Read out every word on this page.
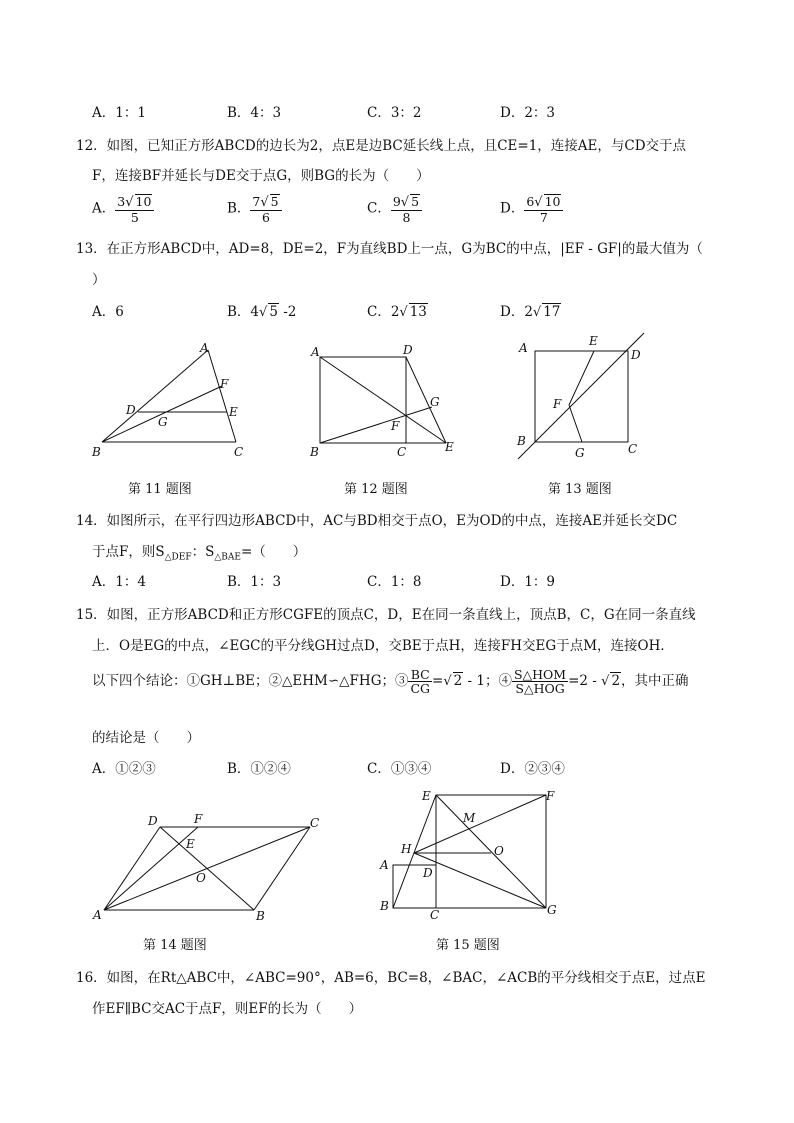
A．1：1	B．4：3	C．3：2	D．2：3
12．如图，已知正方形ABCD的边长为2，点E是边BC延长线上点，且CE=1，连接AE，与CD交于点
F，连接BF并延长与DE交于点G，则BG的长为（　　）
A． $\frac{3√ 10}{5}$	B． $\frac{7√ 5}{6}$	C． $\frac{9√ 5}{8}$	D． $\frac{6√ 10}{7}$
13．在正方形ABCD中，AD=8，DE=2，F为直线BD上一点，G为BC的中点，|EF - GF|的最大值为（
）
A．6	B．4√ 5 -2	C．2√ 13	D．2√ 17
A
F
D	E
G
B	C
第 11 题图
A	D
G
F
B	C	E
第 12 题图
A	E
D
F
B
G	C
第 13 题图
14．如图所示，在平行四边形ABCD中，AC与BD相交于点O，E为OD的中点，连接AE并延长交DC
于点F，则$S_{\triangle DEF}$：$S_{\triangle BAE}=$（　　）
A．1：4	B．1：3	C．1：8	D．1：9
15．如图，正方形ABCD和正方形CGFE的顶点C，D，E在同一条直线上，顶点B，C，G在同一条直线
上．O是EG的中点，∠EGC的平分线GH过点D，交BE于点H，连接FH交EG于点M，连接OH．
以下四个结论：①GH⊥BE；②△EHM∽△FHG；③ $\frac{BC}{CG}$ =√ 2 - 1；④ $\frac{\text{S△HOM}}{\text{S△HOG}} =2$ - √ 2，其中正确
的结论是（　　）
A．①②③	B．①②④	C．①③④	D．②③④
D	F	C
E
O
A	B
第 14 题图
E	F
M
H	O
A
D
B
C	G
第 15 题图
16．如图，在Rt△ABC中，∠ABC=90°，AB=6，BC=8，∠BAC，∠ACB的平分线相交于点E，过点E
作EF∥BC交AC于点F，则EF的长为（　　）
